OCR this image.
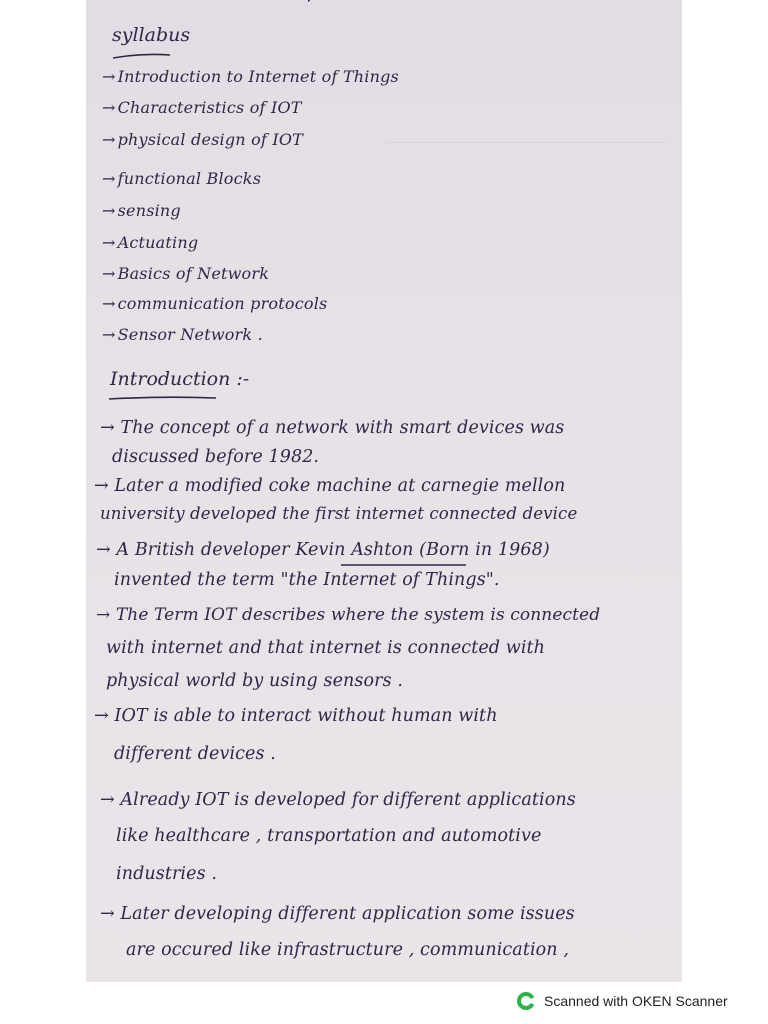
syllabus
→ Introduction to Internet of Things
→ Characteristics of IOT
→ physical design of IOT
→ functional Blocks
→ sensing
→ Actuating
→ Basics of Network
→ communication protocols
→ Sensor Network .
Introduction :-
→ The concept of a network with smart devices was
discussed before 1982.
→ Later a modified coke machine at carnegie mellon
university developed the first internet connected device
→ A British developer Kevin Ashton (Born in 1968)
invented the term "the Internet of Things".
→ The Term IOT describes where the system is connected
with internet and that internet is connected with
physical world by using sensors .
→ IOT is able to interact without human with
different devices .
→ Already IOT is developed for different applications
like healthcare , transportation and automotive
industries .
→ Later developing different application some issues
are occured like infrastructure , communication ,
Scanned with OKEN Scanner
